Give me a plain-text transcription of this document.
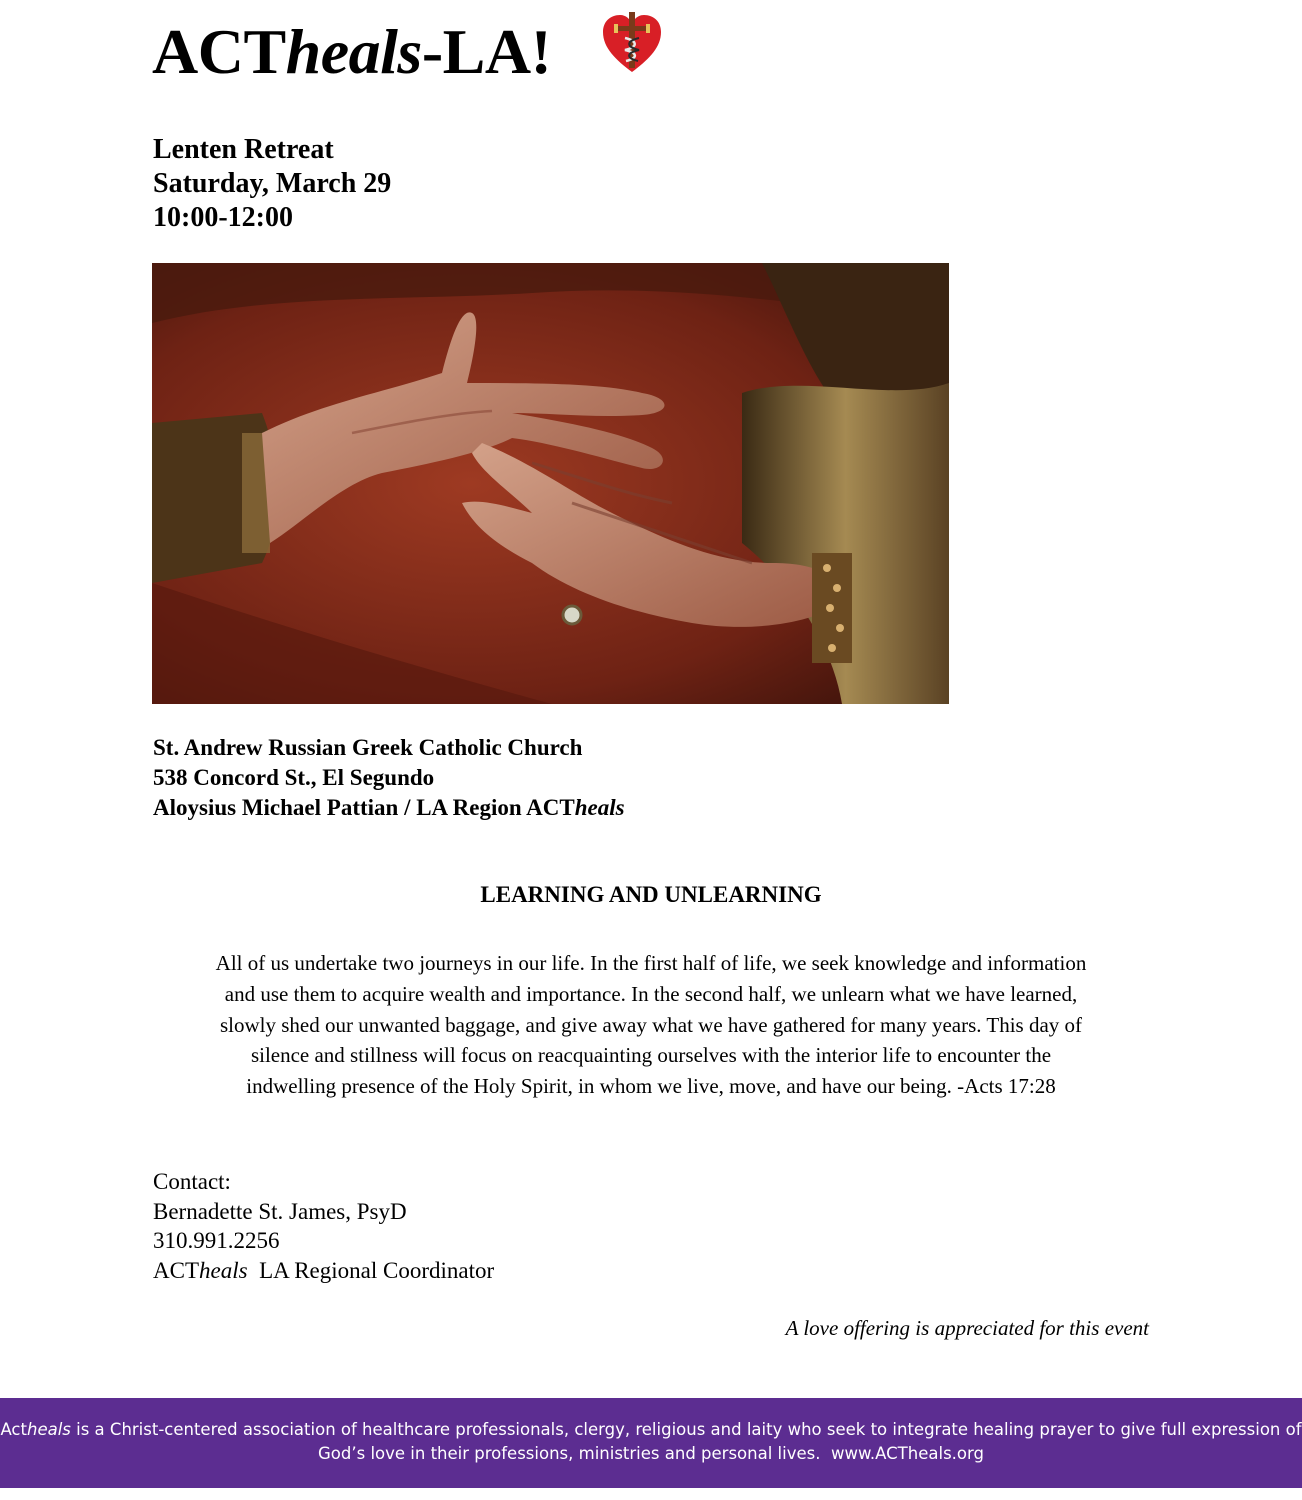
ACTheals-LA!
Lenten Retreat
Saturday, March 29
10:00-12:00
St. Andrew Russian Greek Catholic Church
538 Concord St., El Segundo
Aloysius Michael Pattian / LA Region ACTheals
LEARNING AND UNLEARNING
All of us undertake two journeys in our life. In the first half of life, we seek knowledge and information
and use them to acquire wealth and importance. In the second half, we unlearn what we have learned,
slowly shed our unwanted baggage, and give away what we have gathered for many years. This day of
silence and stillness will focus on reacquainting ourselves with the interior life to encounter the
indwelling presence of the Holy Spirit, in whom we live, move, and have our being. -Acts 17:28
Contact:
Bernadette St. James, PsyD
310.991.2256
ACTheals  LA Regional Coordinator
A love offering is appreciated for this event
Actheals is a Christ-centered association of healthcare professionals, clergy, religious and laity who seek to integrate healing prayer to give full expression of
God’s love in their professions, ministries and personal lives.  www.ACTheals.org
